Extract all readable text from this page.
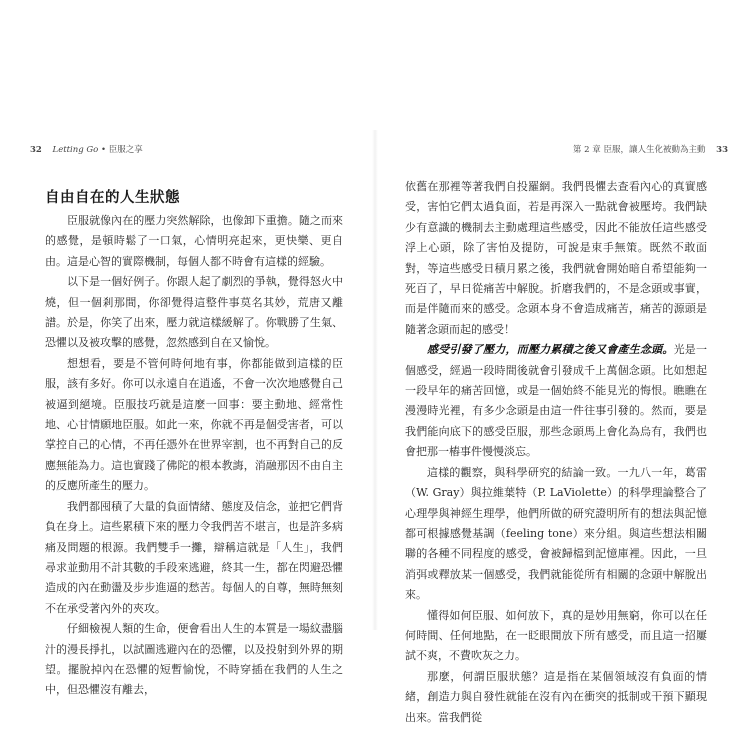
32 Letting Go • 臣服之享
自由自在的人生狀態

臣服就像內在的壓力突然解除，也像卸下重擔。隨之而來的感覺，是頓時鬆了一口氣，心情明亮起來，更快樂、更自由。這是心智的實際機制，每個人都不時會有這樣的經驗。

以下是一個好例子。你跟人起了劇烈的爭執，覺得怒火中燒，但一個剎那間，你卻覺得這整件事莫名其妙，荒唐又離譜。於是，你笑了出來，壓力就這樣緩解了。你戰勝了生氣、恐懼以及被攻擊的感覺，忽然感到自在又愉悅。

想想看，要是不管何時何地有事，你都能做到這樣的臣服，該有多好。你可以永遠自在逍遙，不會一次次地感覺自己被逼到絕境。臣服技巧就是這麼一回事：要主動地、經常性地、心甘情願地臣服。如此一來，你就不再是個受害者，可以掌控自己的心情，不再任憑外在世界宰割，也不再對自己的反應無能為力。這也實踐了佛陀的根本教誨，消融那因不由自主的反應所產生的壓力。

我們都囤積了大量的負面情緒、態度及信念，並把它們背負在身上。這些累積下來的壓力令我們苦不堪言，也是許多病痛及問題的根源。我們雙手一攤，辯稱這就是「人生」，我們尋求並動用不計其數的手段來逃避，終其一生，都在閃避恐懼造成的內在動盪及步步進逼的愁苦。每個人的自尊，無時無刻不在承受著內外的夾攻。

仔細檢視人類的生命，便會看出人生的本質是一場紋盡腦汁的漫長掙扎，以試圖逃避內在的恐懼，以及投射到外界的期望。擺脫掉內在恐懼的短暫愉悅，不時穿插在我們的人生之中，但恐懼沒有離去，

第 2 章 臣服，讓人生化被動為主動 33

依舊在那裡等著我們自投羅網。我們畏懼去查看內心的真實感受，害怕它們太過負面，若是再深入一點就會被壓垮。我們缺少有意識的機制去主動處理這些感受，因此不能放任這些感受浮上心頭，除了害怕及提防，可說是束手無策。既然不敢面對，等這些感受日積月累之後，我們就會開始暗自希望能夠一死百了，早日從痛苦中解脫。折磨我們的，不是念頭或事實，而是伴隨而來的感受。念頭本身不會造成痛苦，痛苦的源頭是隨著念頭而起的感受！

感受引發了壓力，而壓力累積之後又會產生念頭。光是一個感受，經過一段時間後就會引發成千上萬個念頭。比如想起一段早年的痛苦回憶，或是一個始終不能見光的悔恨。瞧瞧在漫漫時光裡，有多少念頭是由這一件往事引發的。然而，要是我們能向底下的感受臣服，那些念頭馬上會化為烏有，我們也會把那一樁事件慢慢淡忘。

這樣的觀察，與科學研究的結論一致。一九八一年，葛雷（W. Gray）與拉維葉特（P. LaViolette）的科學理論整合了心理學與神經生理學，他們所做的研究證明所有的想法與記憶都可根據感覺基調（feeling tone）來分組。與這些想法相關聯的各種不同程度的感受，會被歸檔到記憶庫裡。因此，一旦消弭或釋放某一個感受，我們就能從所有相關的念頭中解脫出來。

懂得如何臣服、如何放下，真的是妙用無窮，你可以在任何時間、任何地點，在一眨眼間放下所有感受，而且這一招屢試不爽，不費吹灰之力。

那麼，何謂臣服狀態？這是指在某個領域沒有負面的情緒，創造力與自發性就能在沒有內在衝突的抵制或干預下顯現出來。當我們從
